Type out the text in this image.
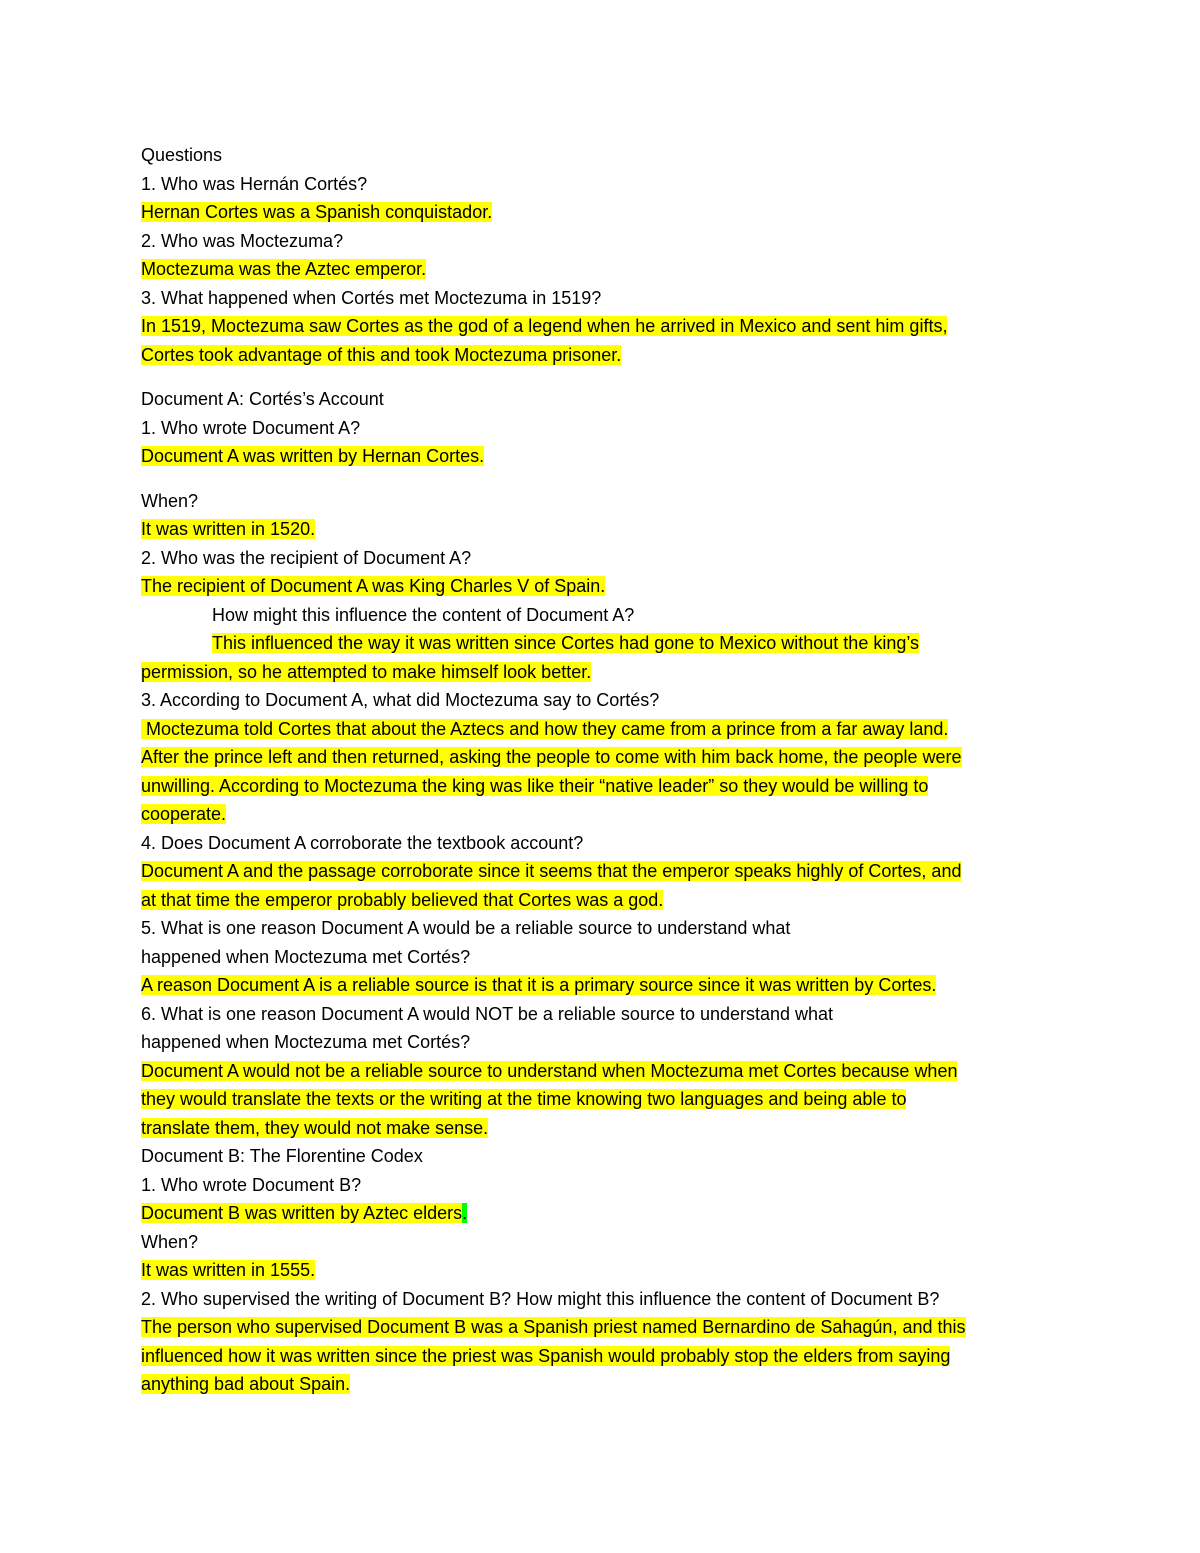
Questions
1. Who was Hernán Cortés?
Hernan Cortes was a Spanish conquistador.
2. Who was Moctezuma?
Moctezuma was the Aztec emperor.
3. What happened when Cortés met Moctezuma in 1519?
In 1519, Moctezuma saw Cortes as the god of a legend when he arrived in Mexico and sent him gifts,
Cortes took advantage of this and took Moctezuma prisoner.
Document A: Cortés’s Account
1. Who wrote Document A?
Document A was written by Hernan Cortes.
When?
It was written in 1520.
2. Who was the recipient of Document A?
The recipient of Document A was King Charles V of Spain.
How might this influence the content of Document A?
This influenced the way it was written since Cortes had gone to Mexico without the king’s
permission, so he attempted to make himself look better.
3. According to Document A, what did Moctezuma say to Cortés?
Moctezuma told Cortes that about the Aztecs and how they came from a prince from a far away land.
After the prince left and then returned, asking the people to come with him back home, the people were
unwilling. According to Moctezuma the king was like their “native leader” so they would be willing to
cooperate.
4. Does Document A corroborate the textbook account?
Document A and the passage corroborate since it seems that the emperor speaks highly of Cortes, and
at that time the emperor probably believed that Cortes was a god.
5. What is one reason Document A would be a reliable source to understand what
happened when Moctezuma met Cortés?
A reason Document A is a reliable source is that it is a primary source since it was written by Cortes.
6. What is one reason Document A would NOT be a reliable source to understand what
happened when Moctezuma met Cortés?
Document A would not be a reliable source to understand when Moctezuma met Cortes because when
they would translate the texts or the writing at the time knowing two languages and being able to
translate them, they would not make sense.
Document B: The Florentine Codex
1. Who wrote Document B?
Document B was written by Aztec elders.
When?
It was written in 1555.
2. Who supervised the writing of Document B? How might this influence the content of Document B?
The person who supervised Document B was a Spanish priest named Bernardino de Sahagún, and this
influenced how it was written since the priest was Spanish would probably stop the elders from saying
anything bad about Spain.
